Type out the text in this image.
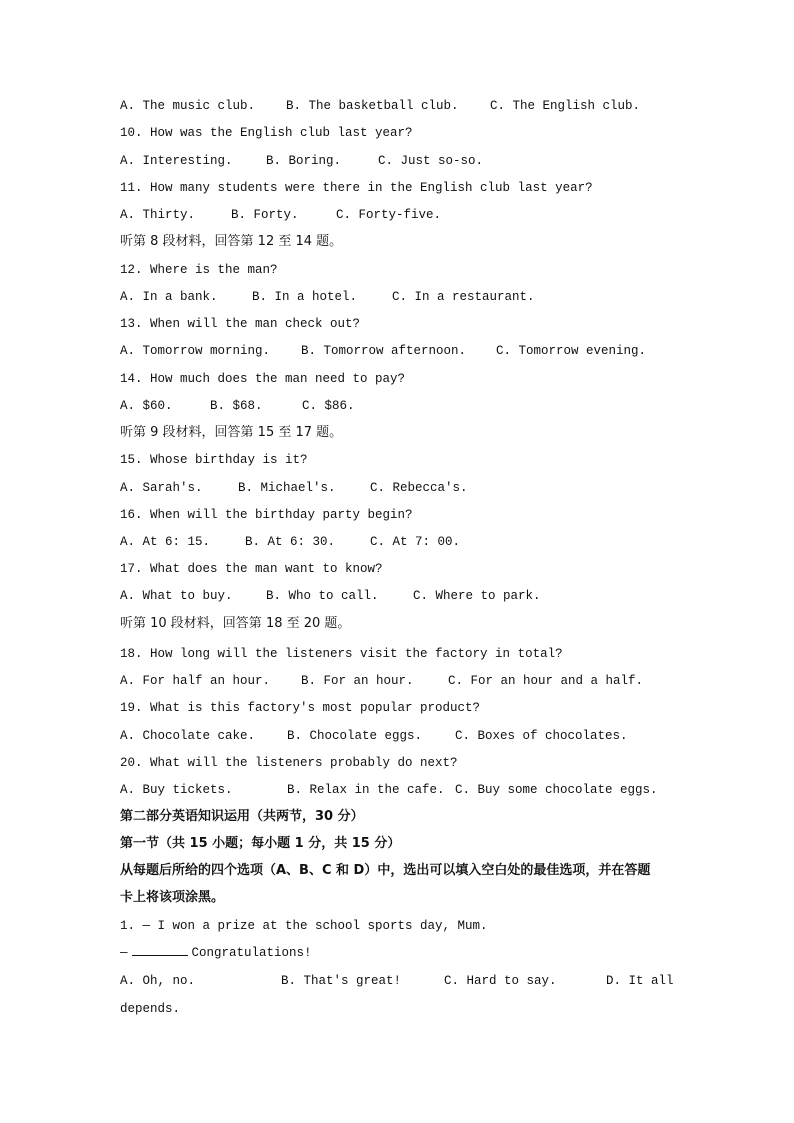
A. The music club. B. The basketball club.	C. The English club.
10. How was the English club last year?
A. Interesting.	B. Boring.	C. Just so-so.
11. How many students were there in the English club last year?
A. Thirty.	B. Forty.	C. Forty-five.
听第 8 段材料，回答第 12 至 14 题。
12. Where is the man?
A. In a bank.	B. In a hotel.	C. In a restaurant.
13. When will the man check out?
A. Tomorrow morning. B. Tomorrow afternoon. C. Tomorrow evening.
14. How much does the man need to pay?
A. $60.	B. $68.	C. $86.
听第 9 段材料，回答第 15 至 17 题。
15. Whose birthday is it?
A. Sarah's.	B. Michael's.	C. Rebecca's.
16. When will the birthday party begin?
A. At 6: 15.	B. At 6: 30.	C. At 7: 00.
17. What does the man want to know?
A. What to buy.	B. Who to call.	C. Where to park.
听第 10 段材料，回答第 18 至 20 题。
18. How long will the listeners visit the factory in total?
A. For half an hour. B. For an hour.	C. For an hour and a half.
19. What is this factory's most popular product?
A. Chocolate cake.	B. Chocolate eggs.	C. Boxes of chocolates.
20. What will the listeners probably do next?
A. Buy tickets.	B. Relax in the cafe. C. Buy some chocolate eggs.
第二部分英语知识运用（共两节，30 分）
第一节（共 15 小题；每小题 1 分，共 15 分）
从每题后所给的四个选项（A、B、C 和 D）中，选出可以填入空白处的最佳选项，并在答题
卡上将该项涂黑。
1. — I won a prize at the school sports day, Mum.
—	Congratulations!
A. Oh, no.	B. That's great!	C. Hard to say.	D. It all
depends.
